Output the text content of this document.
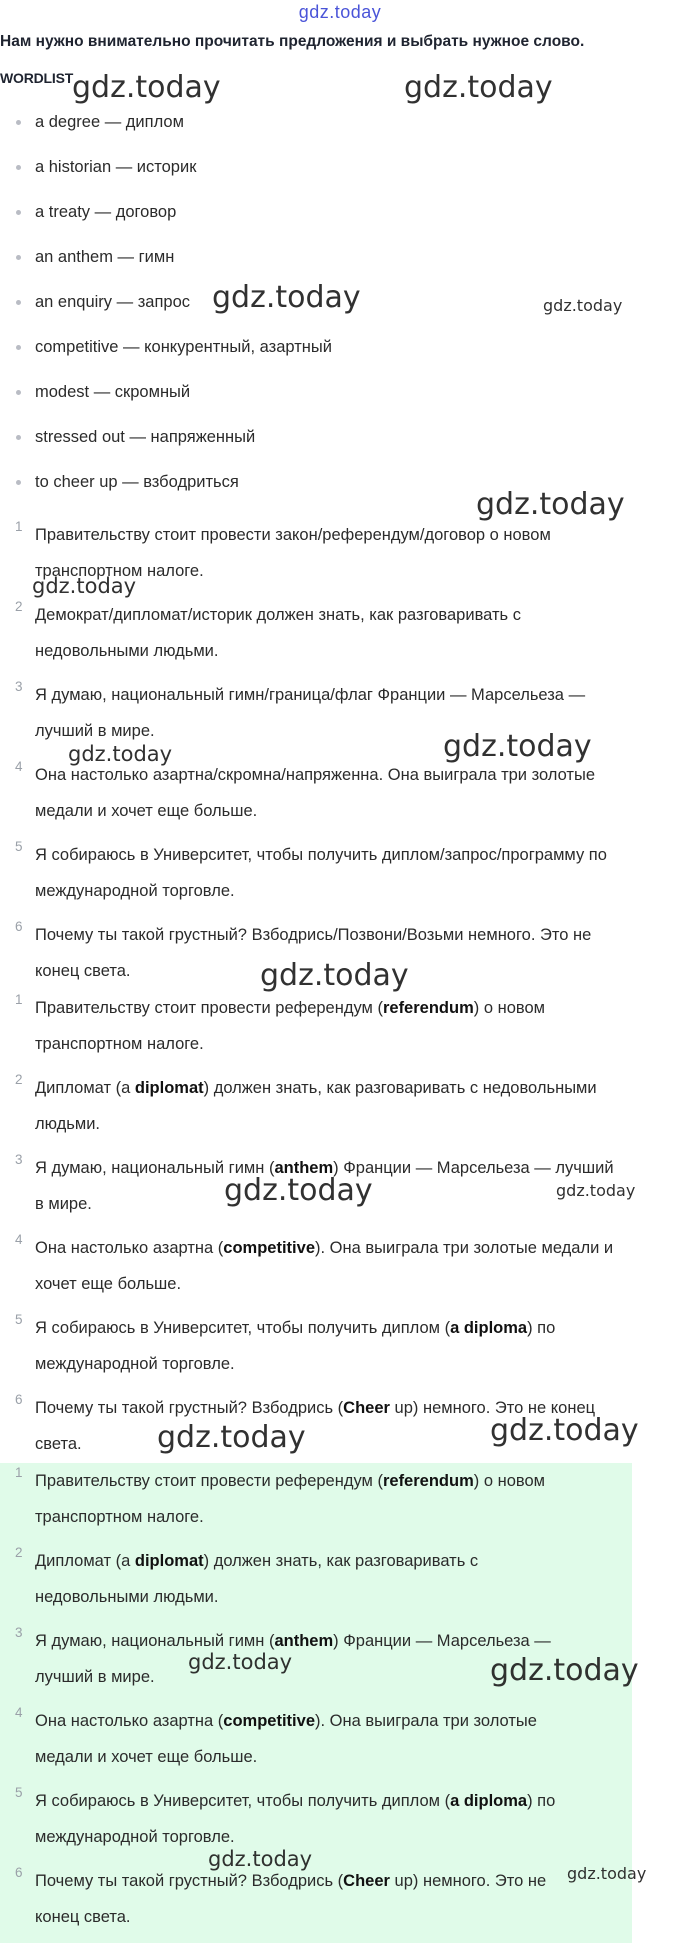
gdz.today
Нам нужно внимательно прочитать предложения и выбрать нужное слово.
WORDLIST
a degree — диплом
a historian — историк
a treaty — договор
an anthem — гимн
an enquiry — запрос
competitive — конкурентный, азартный
modest — скромный
stressed out — напряженный
to cheer up — взбодриться
1 Правительству стоит провести закон/референдум/договор о новом
транспортном налоге.
2 Демократ/дипломат/историк должен знать, как разговаривать с
недовольными людьми.
3 Я думаю, национальный гимн/граница/флаг Франции — Марсельеза —
лучший в мире.
4 Она настолько азартна/скромна/напряженна. Она выиграла три золотые
медали и хочет еще больше.
5 Я собираюсь в Университет, чтобы получить диплом/запрос/программу по
международной торговле.
6 Почему ты такой грустный? Взбодрись/Позвони/Возьми немного. Это не
конец света.
1 Правительству стоит провести референдум (referendum) о новом
транспортном налоге.
2 Дипломат (а diplomat) должен знать, как разговаривать с недовольными
людьми.
3 Я думаю, национальный гимн (anthem) Франции — Марсельеза — лучший
в мире.
4 Она настолько азартна (competitive). Она выиграла три золотые медали и
хочет еще больше.
5 Я собираюсь в Университет, чтобы получить диплом (a diploma) по
международной торговле.
6 Почему ты такой грустный? Взбодрись (Cheer up) немного. Это не конец
света.
1 Правительству стоит провести референдум (referendum) о новом
транспортном налоге.
2 Дипломат (а diplomat) должен знать, как разговаривать с
недовольными людьми.
3 Я думаю, национальный гимн (anthem) Франции — Марсельеза —
лучший в мире.
4 Она настолько азартна (competitive). Она выиграла три золотые
медали и хочет еще больше.
5 Я собираюсь в Университет, чтобы получить диплом (a diploma) по
международной торговле.
6 Почему ты такой грустный? Взбодрись (Cheer up) немного. Это не
конец света.
gdz.today	gdz.today
gdz.today	gdz.today
gdz.today
gdz.today
gdz.today	gdz.today
gdz.today
gdz.today	gdz.today
gdz.today	gdz.today
gdz.today	gdz.today
gdz.today
gdz.today
